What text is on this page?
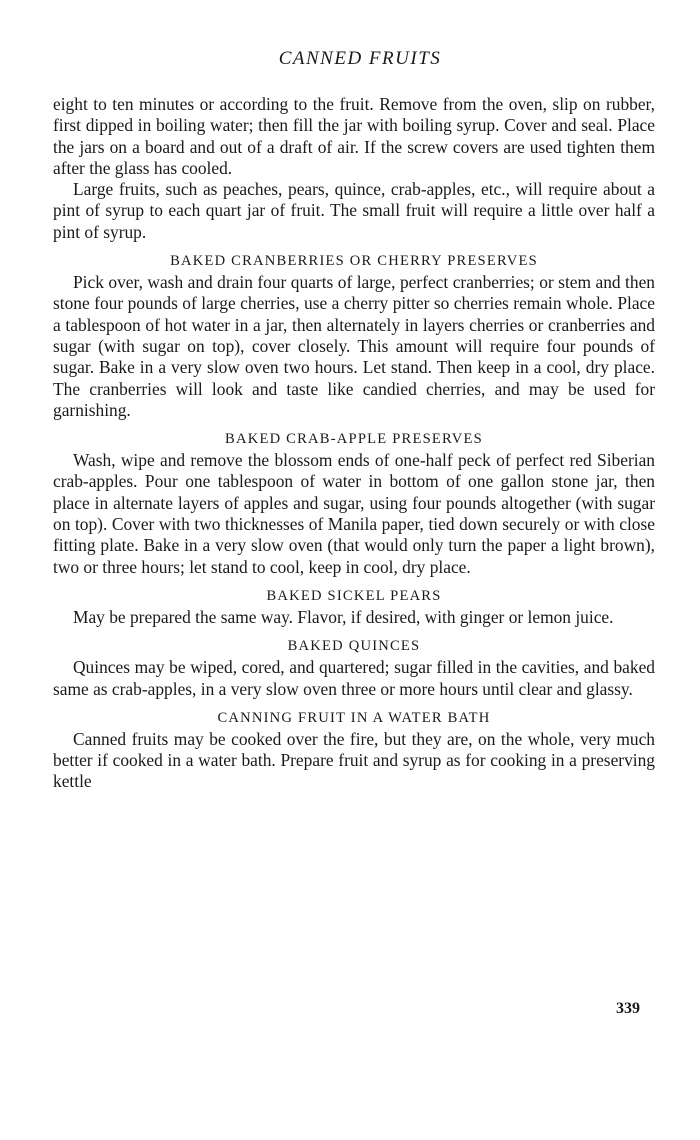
CANNED FRUITS

eight to ten minutes or according to the fruit. Remove from the oven, slip on rubber, first dipped in boiling water; then fill the jar with boiling syrup. Cover and seal. Place the jars on a board and out of a draft of air. If the screw covers are used tighten them after the glass has cooled.

Large fruits, such as peaches, pears, quince, crab-apples, etc., will require about a pint of syrup to each quart jar of fruit. The small fruit will require a little over half a pint of syrup.

BAKED CRANBERRIES OR CHERRY PRESERVES

Pick over, wash and drain four quarts of large, perfect cranberries; or stem and then stone four pounds of large cherries, use a cherry pitter so cherries remain whole. Place a tablespoon of hot water in a jar, then alternately in layers cherries or cranberries and sugar (with sugar on top), cover closely. This amount will require four pounds of sugar. Bake in a very slow oven two hours. Let stand. Then keep in a cool, dry place. The cranberries will look and taste like candied cherries, and may be used for garnishing.

BAKED CRAB-APPLE PRESERVES

Wash, wipe and remove the blossom ends of one-half peck of perfect red Siberian crab-apples. Pour one tablespoon of water in bottom of one gallon stone jar, then place in alternate layers of apples and sugar, using four pounds altogether (with sugar on top). Cover with two thicknesses of Manila paper, tied down securely or with close fitting plate. Bake in a very slow oven (that would only turn the paper a light brown), two or three hours; let stand to cool, keep in cool, dry place.

BAKED SICKEL PEARS

May be prepared the same way. Flavor, if desired, with ginger or lemon juice.

BAKED QUINCES

Quinces may be wiped, cored, and quartered; sugar filled in the cavities, and baked same as crab-apples, in a very slow oven three or more hours until clear and glassy.

CANNING FRUIT IN A WATER BATH

Canned fruits may be cooked over the fire, but they are, on the whole, very much better if cooked in a water bath. Prepare fruit and syrup as for cooking in a preserving kettle

339
